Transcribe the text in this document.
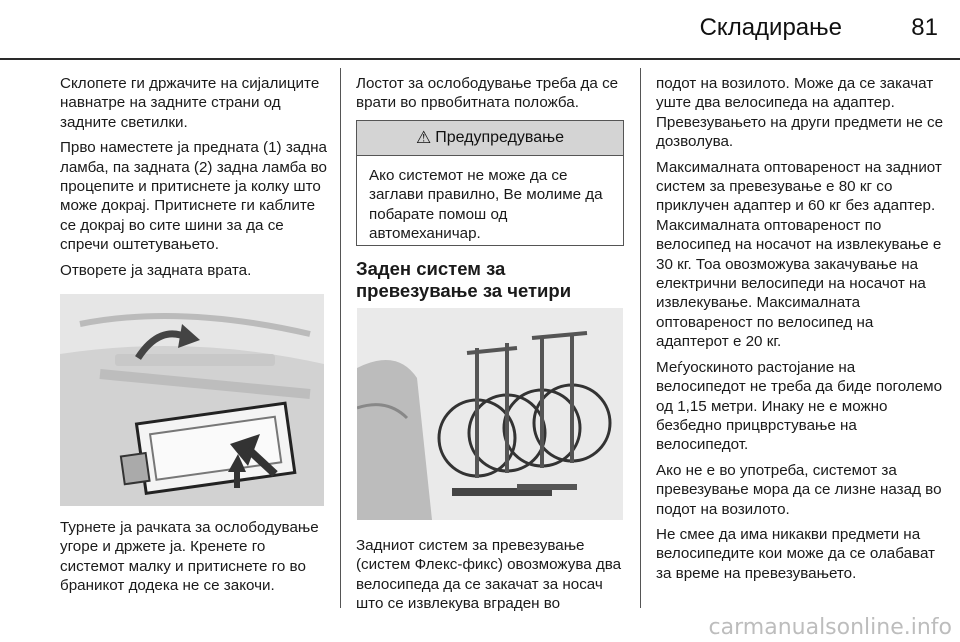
Складирање	81

Склопете ги држачите на сијалиците навнатре на задните страни од задните светилки.

Прво наместете ја предната (1) задна ламба, па задната (2) задна ламба во процепите и притиснете ја колку што може докрај. Притиснете ги каблите се докрај во сите шини за да се спречи оштетувањето.

Отворете ја задната врата.

Турнете ја рачката за ослободување угоре и држете ја. Кренете го системот малку и притиснете го во браникот додека не се закочи.

Лостот за ослободување треба да се врати во првобитната положба.

⚠ Предупредување
Ако системот не може да се заглави правилно, Ве молиме да побарате помош од автомеханичар.
Заден систем за превезување за четири
Задниот систем за превезување (систем Флекс-фикс) овозможува два велосипеда да се закачат за носач што се извлекува вграден во

подот на возилото. Може да се закачат уште два велосипеда на адаптер. Превезувањето на други предмети не се дозволува.

Максималната оптовареност на задниот систем за превезување е 80 кг со приклучен адаптер и 60 кг без адаптер. Максималната оптовареност по велосипед на носачот на извлекување е 30 кг. Тоа овозможува закачување на електрични велосипеди на носачот на извлекување. Максималната оптовареност по велосипед на адаптерот е 20 кг.

Меѓуоскиното растојание на велосипедот не треба да биде поголемо од 1,15 метри. Инаку не е можно безбедно прицврстување на велосипедот.

Ако не е во употреба, системот за превезување мора да се лизне назад во подот на возилото.

Не смее да има никакви предмети на велосипедите кои може да се олабават за време на превезувањето.

carmanualsonline.info
